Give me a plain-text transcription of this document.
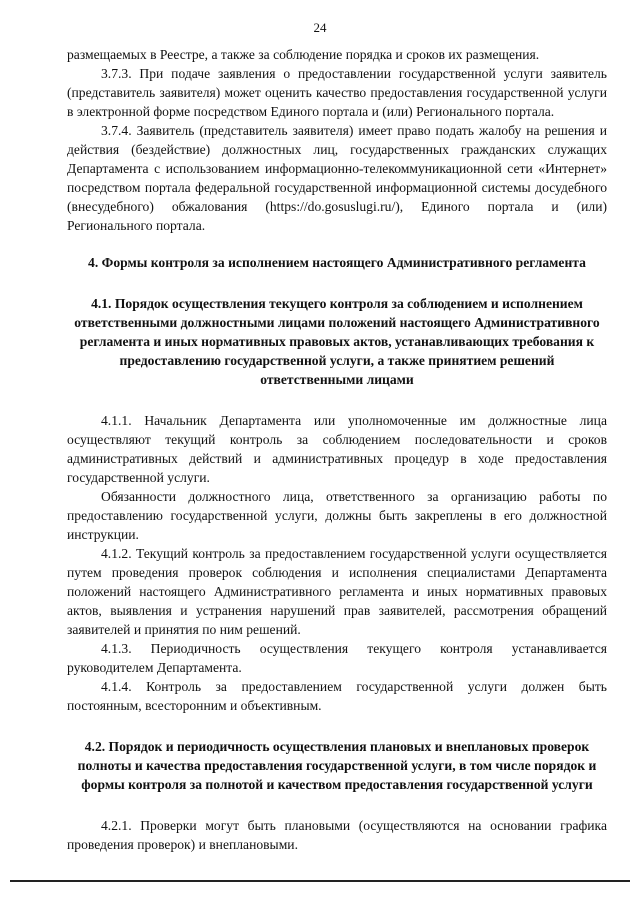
24

размещаемых в Реестре, а также за соблюдение порядка и сроков их размещения.

3.7.3. При подаче заявления о предоставлении государственной услуги заявитель (представитель заявителя) может оценить качество предоставления государственной услуги в электронной форме посредством Единого портала и (или) Регионального портала.

3.7.4. Заявитель (представитель заявителя) имеет право подать жалобу на решения и действия (бездействие) должностных лиц, государственных гражданских служащих Департамента с использованием информационно-телекоммуникационной сети «Интернет» посредством портала федеральной государственной информационной системы досудебного (внесудебного) обжалования (https://do.gosuslugi.ru/), Единого портала и (или) Регионального портала.

4. Формы контроля за исполнением настоящего Административного регламента

4.1. Порядок осуществления текущего контроля за соблюдением и исполнением ответственными должностными лицами положений настоящего Административного регламента и иных нормативных правовых актов, устанавливающих требования к предоставлению государственной услуги, а также принятием решений ответственными лицами

4.1.1. Начальник Департамента или уполномоченные им должностные лица осуществляют текущий контроль за соблюдением последовательности и сроков административных действий и административных процедур в ходе предоставления государственной услуги.

Обязанности должностного лица, ответственного за организацию работы по предоставлению государственной услуги, должны быть закреплены в его должностной инструкции.

4.1.2. Текущий контроль за предоставлением государственной услуги осуществляется путем проведения проверок соблюдения и исполнения специалистами Департамента положений настоящего Административного регламента и иных нормативных правовых актов, выявления и устранения нарушений прав заявителей, рассмотрения обращений заявителей и принятия по ним решений.

4.1.3. Периодичность осуществления текущего контроля устанавливается руководителем Департамента.

4.1.4. Контроль за предоставлением государственной услуги должен быть постоянным, всесторонним и объективным.

4.2. Порядок и периодичность осуществления плановых и внеплановых проверок полноты и качества предоставления государственной услуги, в том числе порядок и формы контроля за полнотой и качеством предоставления государственной услуги

4.2.1. Проверки могут быть плановыми (осуществляются на основании графика проведения проверок) и внеплановыми.
